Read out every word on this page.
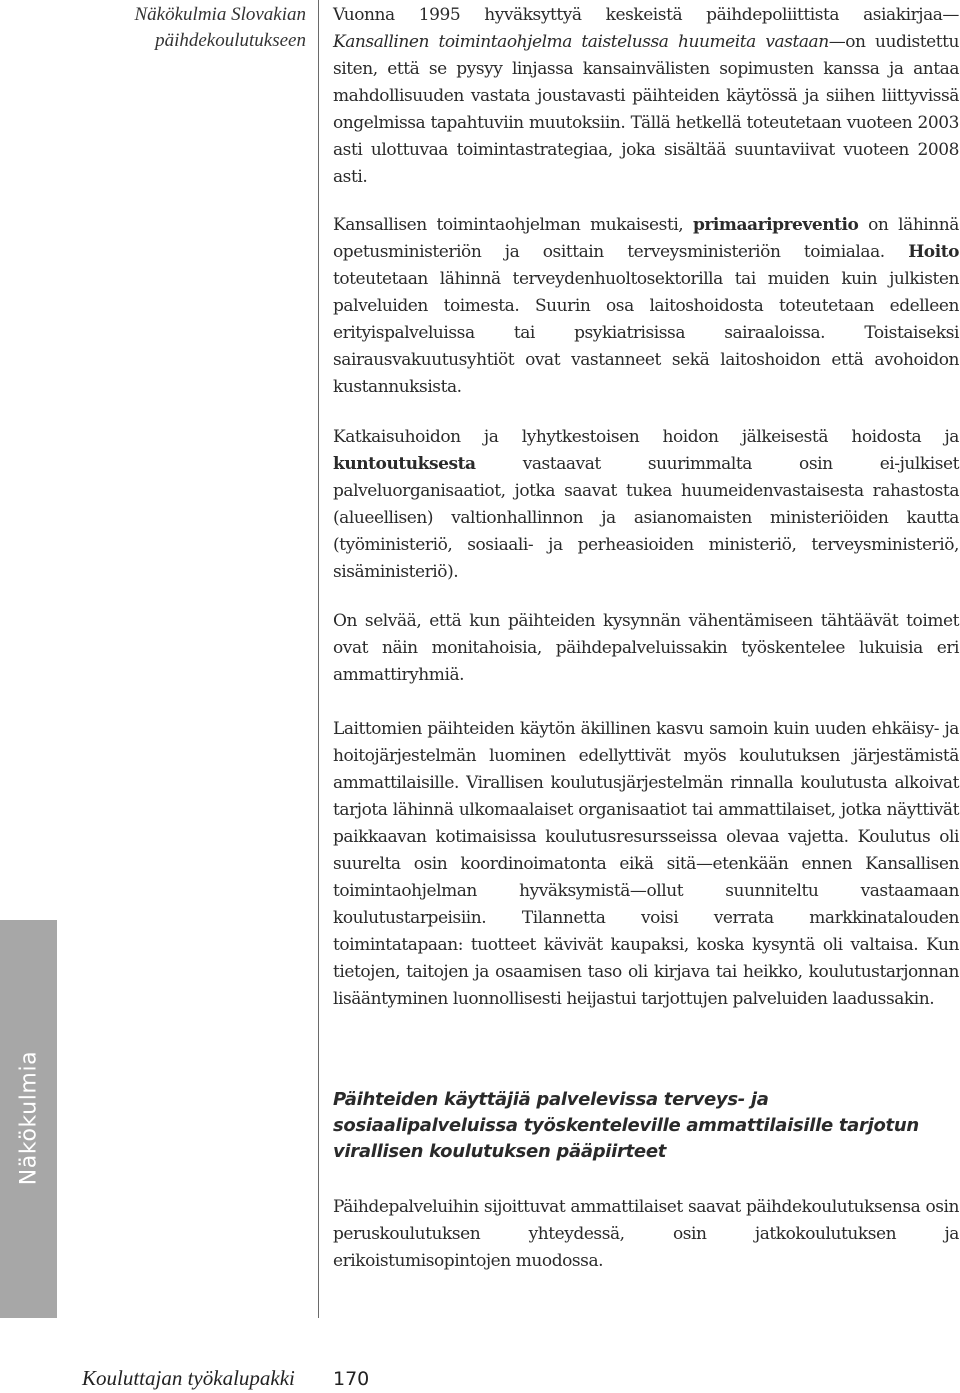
Näkökulmia Slovakian päihdekoulutukseen

Vuonna 1995 hyväksyttyä keskeistä päihdepoliittista asiakirjaa—Kansallinen toimintaohjelma taistelussa huumeita vastaan—on uudistettu siten, että se pysyy linjassa kansainvälisten sopimusten kanssa ja antaa mahdollisuuden vastata joustavasti päihteiden käytössä ja siihen liittyvissä ongelmissa tapahtuviin muutoksiin. Tällä hetkellä toteutetaan vuoteen 2003 asti ulottuvaa toimintastrategiaa, joka sisältää suuntaviivat vuoteen 2008 asti.

Kansallisen toimintaohjelman mukaisesti, primaaripreventio on lähinnä opetusministeriön ja osittain terveysministeriön toimialaa. Hoito toteutetaan lähinnä terveydenhuoltosektorilla tai muiden kuin julkisten palveluiden toimesta. Suurin osa laitoshoidosta toteutetaan edelleen erityispalveluissa tai psykiatrisissa sairaaloissa. Toistaiseksi sairausvakuutusyhtiöt ovat vastanneet sekä laitoshoidon että avohoidon kustannuksista.

Katkaisuhoidon ja lyhytkestoisen hoidon jälkeisestä hoidosta ja kuntoutuksesta vastaavat suurimmalta osin ei-julkiset palveluorganisaatiot, jotka saavat tukea huumeidenvastaisesta rahastosta (alueellisen) valtionhallinnon ja asianomaisten ministeriöiden kautta (työministeriö, sosiaali- ja perheasioiden ministeriö, terveysministeriö, sisäministeriö).

On selvää, että kun päihteiden kysynnän vähentämiseen tähtäävät toimet ovat näin monitahoisia, päihdepalveluissakin työskentelee lukuisia eri ammattiryhmiä.

Laittomien päihteiden käytön äkillinen kasvu samoin kuin uuden ehkäisy- ja hoitojärjestelmän luominen edellyttivät myös koulutuksen järjestämistä ammattilaisille. Virallisen koulutusjärjestelmän rinnalla koulutusta alkoivat tarjota lähinnä ulkomaalaiset organisaatiot tai ammattilaiset, jotka näyttivät paikkaavan kotimaisissa koulutusresursseissa olevaa vajetta. Koulutus oli suurelta osin koordinoimatonta eikä sitä—etenkään ennen Kansallisen toimintaohjelman hyväksymistä—ollut suunniteltu vastaamaan koulutustarpeisiin. Tilannetta voisi verrata markkinatalouden toimintatapaan: tuotteet kävivät kaupaksi, koska kysyntä oli valtaisa. Kun tietojen, taitojen ja osaamisen taso oli kirjava tai heikko, koulutustarjonnan lisääntyminen luonnollisesti heijastui tarjottujen palveluiden laadussakin.

Päihteiden käyttäjiä palvelevissa terveys- ja sosiaalipalveluissa työskenteleville ammattilaisille tarjotun virallisen koulutuksen pääpiirteet

Päihdepalveluihin sijoittuvat ammattilaiset saavat päihdekoulutuksensa osin peruskoulutuksen yhteydessä, osin jatkokoulutuksen ja erikoistumisopintojen muodossa.

Näkökulmia
Kouluttajan työkalupakki 170
